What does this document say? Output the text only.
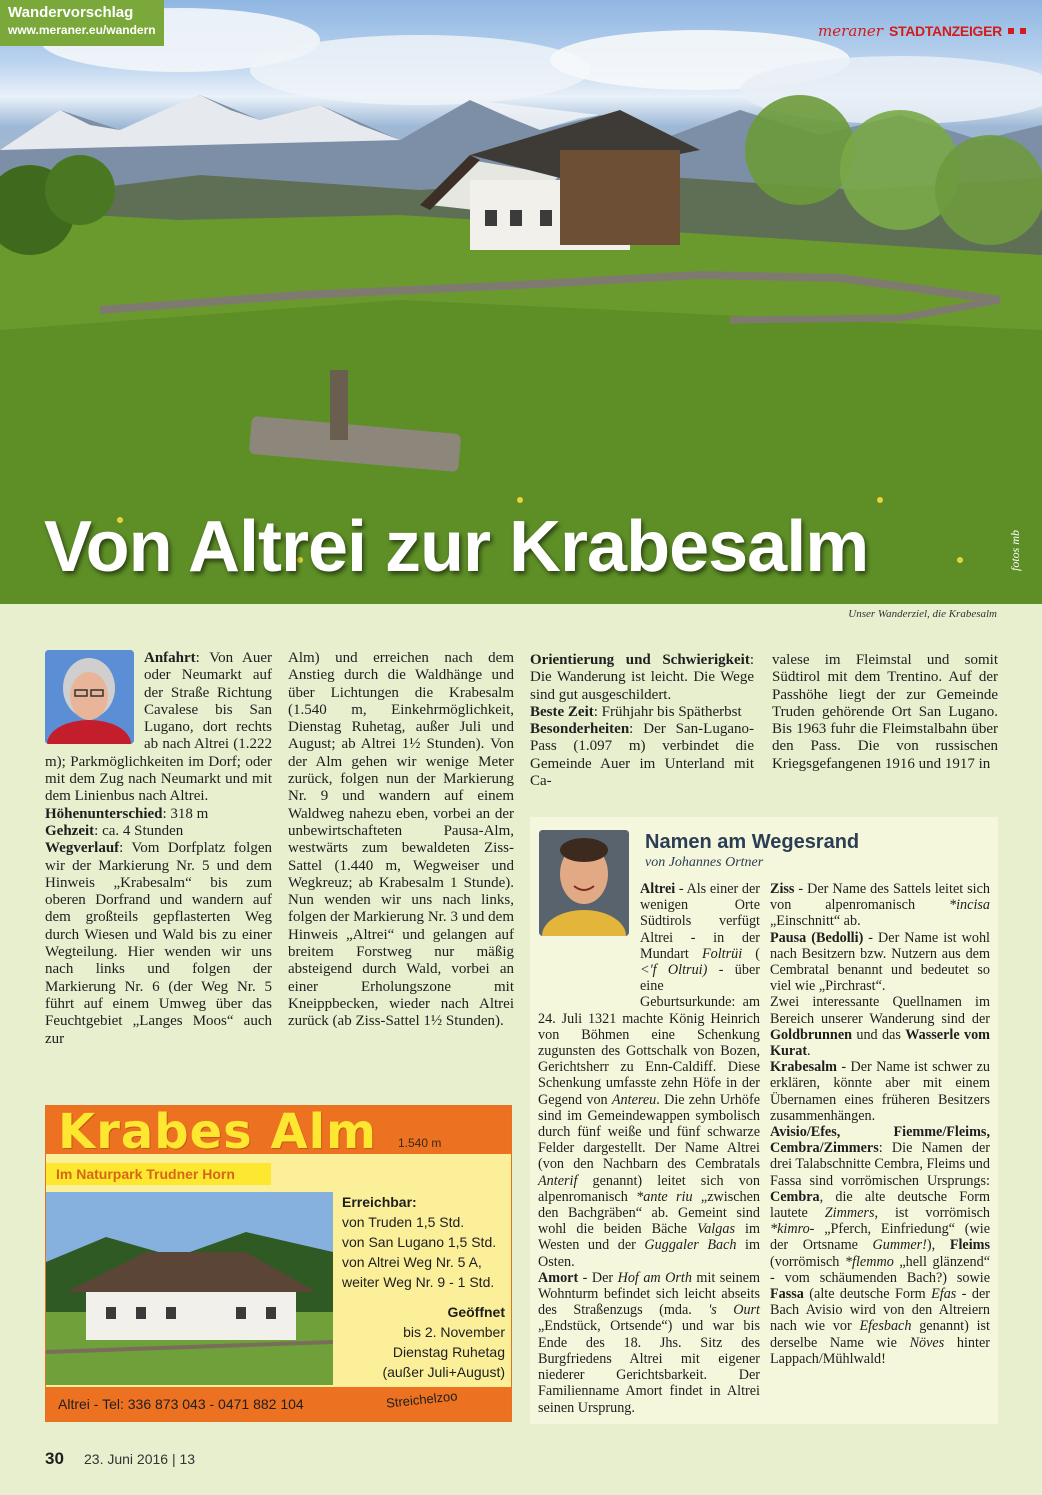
Wandervorschlag
www.meraner.eu/wandern	meraner STADTANZEIGER
Von Altrei zur Krabesalm	fotos mb
Unser Wanderziel, die Krabesalm
Anfahrt: Von Auer oder Neumarkt auf der Straße Richtung Cavalese bis San Lugano, dort rechts ab nach Altrei (1.222 m); Parkmöglichkeiten im Dorf; oder mit dem Zug nach Neumarkt und mit dem Linienbus nach Altrei.
Höhenunterschied: 318 m
Gehzeit: ca. 4 Stunden
Wegverlauf: Vom Dorfplatz folgen wir der Markierung Nr. 5 und dem Hinweis „Krabesalm“ bis zum oberen Dorfrand und wandern auf dem großteils gepflasterten Weg durch Wiesen und Wald bis zu einer Wegteilung. Hier wenden wir uns nach links und folgen der Markierung Nr. 6 (der Weg Nr. 5 führt auf einem Umweg über das Feuchtgebiet „Langes Moos“ auch zur
Alm) und erreichen nach dem Anstieg durch die Waldhänge und über Lichtungen die Krabesalm (1.540 m, Einkehrmöglichkeit, Dienstag Ruhetag, außer Juli und August; ab Altrei 1½ Stunden). Von der Alm gehen wir wenige Meter zurück, folgen nun der Markierung Nr. 9 und wandern auf einem Waldweg nahezu eben, vorbei an der unbewirtschafteten Pausa-Alm, westwärts zum bewaldeten Ziss-Sattel (1.440 m, Wegweiser und Wegkreuz; ab Krabesalm 1 Stunde). Nun wenden wir uns nach links, folgen der Markierung Nr. 3 und dem Hinweis „Altrei“ und gelangen auf breitem Forstweg nur mäßig absteigend durch Wald, vorbei an einer Erholungszone mit Kneippbecken, wieder nach Altrei zurück (ab Ziss-Sattel 1½ Stunden).
Orientierung und Schwierigkeit: Die Wanderung ist leicht. Die Wege sind gut ausgeschildert.
Beste Zeit: Frühjahr bis Spätherbst
Besonderheiten: Der San-Lugano-Pass (1.097 m) verbindet die Gemeinde Auer im Unterland mit Ca-
valese im Fleimstal und somit Südtirol mit dem Trentino. Auf der Passhöhe liegt der zur Gemeinde Truden gehörende Ort San Lugano. Bis 1963 fuhr die Fleimstalbahn über den Pass. Die von russischen Kriegsgefangenen 1916 und 1917 in
Namen am Wegesrand
von Johannes Ortner
Altrei - Als einer der wenigen Orte Südtirols verfügt Altrei - in der Mundart Foltrüi ( <'f Oltrui) - über eine Geburtsurkunde: am 24. Juli 1321 machte König Heinrich von Böhmen eine Schenkung zugunsten des Gottschalk von Bozen, Gerichtsherr zu Enn-Caldiff. Diese Schenkung umfasste zehn Höfe in der Gegend von Antereu. Die zehn Urhöfe sind im Gemeindewappen symbolisch durch fünf weiße und fünf schwarze Felder dargestellt. Der Name Altrei (von den Nachbarn des Cembratals Anterif genannt) leitet sich von alpenromanisch *ante riu „zwischen den Bachgräben“ ab. Gemeint sind wohl die beiden Bäche Valgas im Westen und der Guggaler Bach im Osten.
Amort - Der Hof am Orth mit seinem Wohnturm befindet sich leicht abseits des Straßenzugs (mda. 's Ourt „Endstück, Ortsende“) und war bis Ende des 18. Jhs. Sitz des Burgfriedens Altrei mit eigener niederer Gerichtsbarkeit. Der Familienname Amort findet in Altrei seinen Ursprung.
Ziss - Der Name des Sattels leitet sich von alpenromanisch *incisa „Einschnitt“ ab.
Pausa (Bedolli) - Der Name ist wohl nach Besitzern bzw. Nutzern aus dem Cembratal benannt und bedeutet so viel wie „Pirchrast“.
Zwei interessante Quellnamen im Bereich unserer Wanderung sind der Goldbrunnen und das Wasserle vom Kurat.
Krabesalm - Der Name ist schwer zu erklären, könnte aber mit einem Übernamen eines früheren Besitzers zusammenhängen.
Avisio/Efes, Fiemme/Fleims, Cembra/Zimmers: Die Namen der drei Talabschnitte Cembra, Fleims und Fassa sind vorrömischen Ursprungs: Cembra, die alte deutsche Form lautete Zimmers, ist vorrömisch *kimro- „Pferch, Einfriedung“ (wie der Ortsname Gummer!), Fleims (vorrömisch *flemmo „hell glänzend“ - vom schäumenden Bach?) sowie Fassa (alte deutsche Form Efas - der Bach Avisio wird von den Altreiern nach wie vor Efesbach genannt) ist derselbe Name wie Növes hinter Lappach/Mühlwald!
Krabes Alm 1.540 m
Im Naturpark Trudner Horn
Erreichbar:
von Truden 1,5 Std.
von San Lugano 1,5 Std.
von Altrei Weg Nr. 5 A,
weiter Weg Nr. 9 - 1 Std.
Geöffnet
bis 2. November
Dienstag Ruhetag
(außer Juli+August)
Altrei - Tel: 336 873 043 - 0471 882 104	Streichelzoo
30 23. Juni 2016 | 13
